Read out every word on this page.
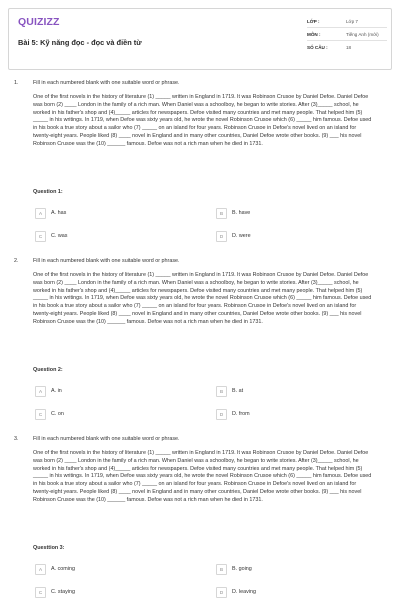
QUIZIZZ
Bài 5: Kỹ năng đọc - đọc và điền từ
LỚP :	Lớp 7
MÔN :	Tiếng Anh (mới)
SỐ CÂU :	18
1.	Fill in each numbered blank with one suitable word or phrase.
One of the first novels in the history of literature (1) _____ written in England in 1719. It was Robinson Crusoe by Daniel Defoe. Daniel Defoe was born (2) ____ London in the family of a rich man. When Daniel was a schoolboy, he began to write stories. After (3)_____ school, he worked in his father's shop and (4)_____ articles for newspapers. Defoe visited many countries and met many people. That helped him (5) _____ in his writings. In 1719, when Defoe was sixty years old, he wrote the novel Robinson Crusoe which (6) _____ him famous. Defoe used in his book a true story about a sailor who (7) _____ on an island for four years. Robinson Crusoe in Defoe's novel lived on an island for twenty-eight years. People liked (8) ____ novel in England and in many other countries, Daniel Defoe wrote other books. (9) ___ his novel Robinson Crusoe was the (10) ______ famous. Defoe was not a rich man when he died in 1731.
Question 1:
A	A. has	B	B. have
C	C. was	D	D. were
2.	Fill in each numbered blank with one suitable word or phrase.
One of the first novels in the history of literature (1) _____ written in England in 1719. It was Robinson Crusoe by Daniel Defoe. Daniel Defoe was born (2) ____ London in the family of a rich man. When Daniel was a schoolboy, he began to write stories. After (3)_____ school, he worked in his father's shop and (4)_____ articles for newspapers. Defoe visited many countries and met many people. That helped him (5) _____ in his writings. In 1719, when Defoe was sixty years old, he wrote the novel Robinson Crusoe which (6) _____ him famous. Defoe used in his book a true story about a sailor who (7) _____ on an island for four years. Robinson Crusoe in Defoe's novel lived on an island for twenty-eight years. People liked (8) ____ novel in England and in many other countries, Daniel Defoe wrote other books. (9) ___ his novel Robinson Crusoe was the (10) ______ famous. Defoe was not a rich man when he died in 1731.
Question 2:
A	A. in	B	B. at
C	C. on	D	D. from
3.	Fill in each numbered blank with one suitable word or phrase.
One of the first novels in the history of literature (1) _____ written in England in 1719. It was Robinson Crusoe by Daniel Defoe. Daniel Defoe was born (2) ____ London in the family of a rich man. When Daniel was a schoolboy, he began to write stories. After (3)_____ school, he worked in his father's shop and (4)_____ articles for newspapers. Defoe visited many countries and met many people. That helped him (5) _____ in his writings. In 1719, when Defoe was sixty years old, he wrote the novel Robinson Crusoe which (6) _____ him famous. Defoe used in his book a true story about a sailor who (7) _____ on an island for four years. Robinson Crusoe in Defoe's novel lived on an island for twenty-eight years. People liked (8) ____ novel in England and in many other countries, Daniel Defoe wrote other books. (9) ___ his novel Robinson Crusoe was the (10) ______ famous. Defoe was not a rich man when he died in 1731.
Questtion 3:
A	A. coming	B	B. going
C	C. staying	D	D. leaving
